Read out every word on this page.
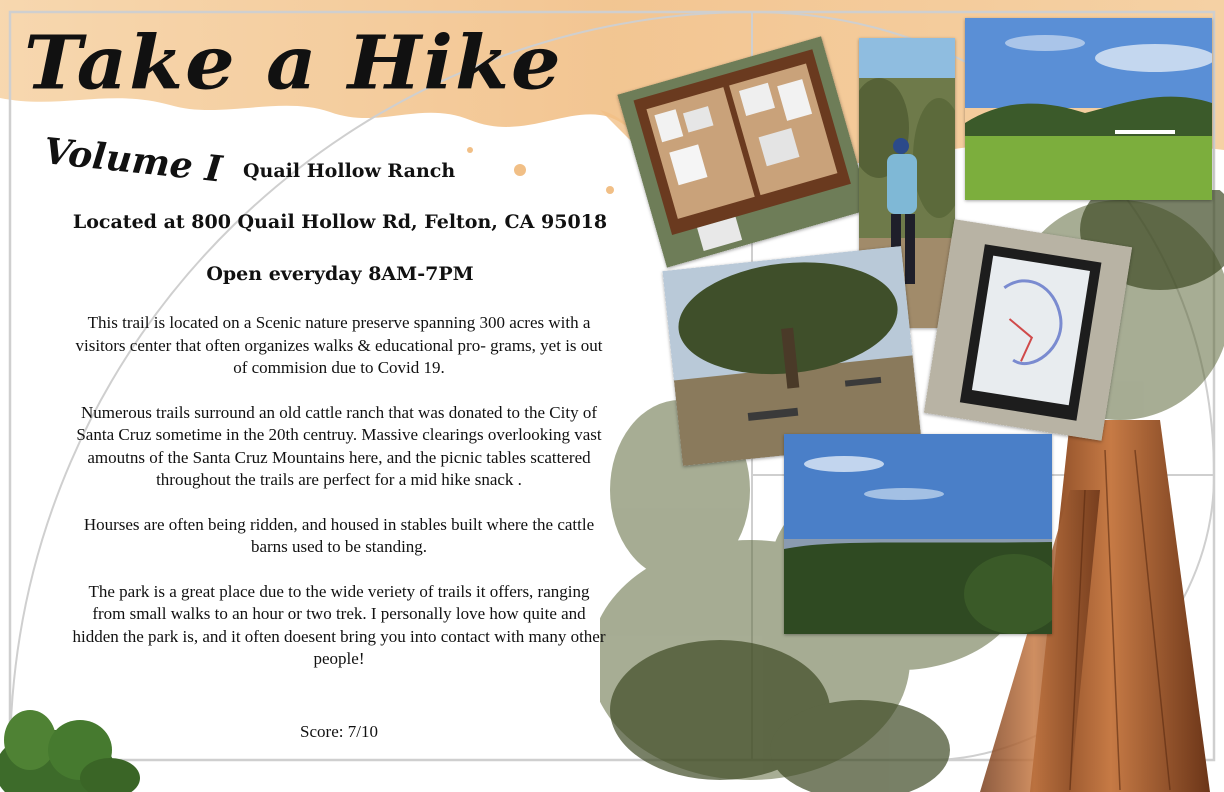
Take a Hike
Volume I Quail Hollow Ranch
Located at 800 Quail Hollow Rd, Felton, CA 95018
Open everyday 8AM-7PM

This trail is located on a Scenic nature preserve spanning 300 acres with a visitors center that often organizes walks & educational pro- grams, yet is out of commision due to Covid 19.

Numerous trails surround an old cattle ranch that was donated to the City of Santa Cruz sometime in the 20th centruy. Massive clearings overlooking vast amoutns of the Santa Cruz Mountains here, and the picnic tables scattered throughout the trails are perfect for a mid hike snack .

Hourses are often being ridden, and housed in stables built where the cattle barns used to be standing.

The park is a great place due to the wide veriety of trails it offers, ranging from small walks to an hour or two trek. I personally love how quite and hidden the park is, and it often doesent bring you into contact with many other people!

Score: 7/10
